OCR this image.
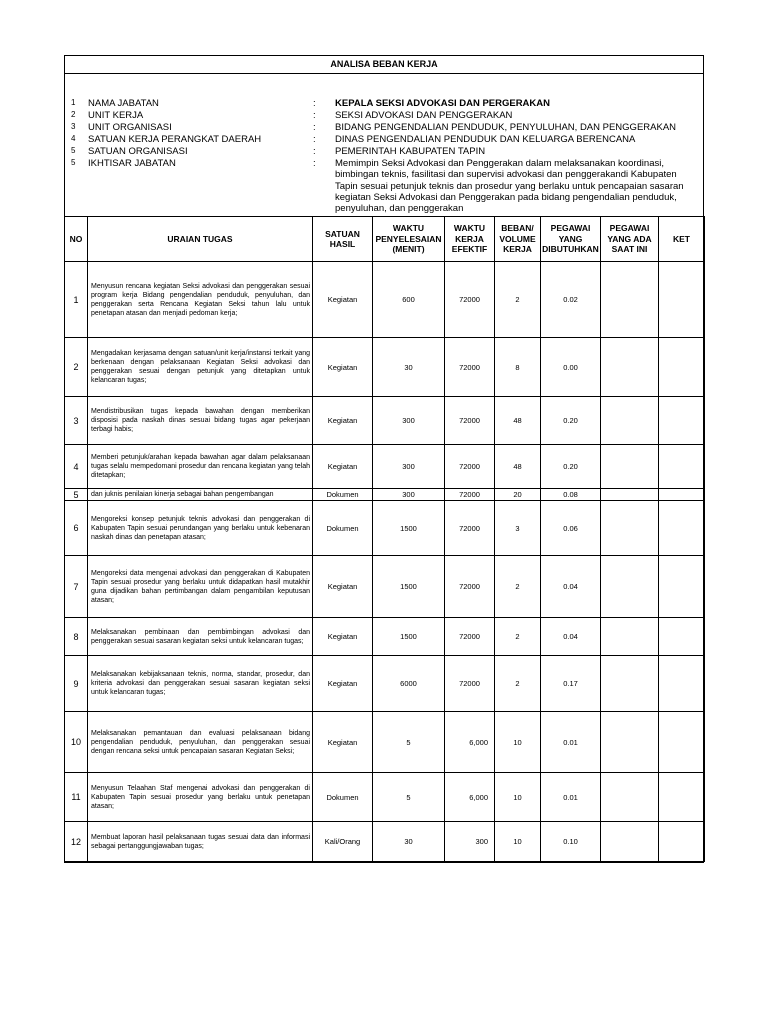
ANALISA BEBAN KERJA
1	NAMA JABATAN	: KEPALA SEKSI ADVOKASI DAN PERGERAKAN
2	UNIT KERJA	: SEKSI ADVOKASI DAN PENGGERAKAN
3	UNIT ORGANISASI	: BIDANG PENGENDALIAN PENDUDUK, PENYULUHAN, DAN PENGGERAKAN
4	SATUAN KERJA PERANGKAT DAERAH	: DINAS PENGENDALIAN PENDUDUK DAN KELUARGA BERENCANA
5	SATUAN ORGANISASI	: PEMERINTAH KABUPATEN TAPIN
5	IKHTISAR JABATAN	: Memimpin Seksi Advokasi dan Penggerakan dalam melaksanakan koordinasi, bimbingan teknis, fasilitasi dan supervisi advokasi dan penggerakandi Kabupaten Tapin sesuai petunjuk teknis dan prosedur yang berlaku untuk pencapaian sasaran kegiatan Seksi Advokasi dan Penggerakan pada bidang pengendalian penduduk, penyuluhan, dan penggerakan
NO	URAIAN TUGAS	SATUAN HASIL	WAKTU PENYELESAIAN (MENIT)	WAKTU KERJA EFEKTIF	BEBAN/ VOLUME KERJA	PEGAWAI YANG DIBUTUHKAN	PEGAWAI YANG ADA SAAT INI	KET
1	Menyusun rencana kegiatan Seksi advokasi dan penggerakan sesuai program kerja Bidang pengendalian penduduk, penyuluhan, dan penggerakan serta Rencana Kegiatan Seksi tahun lalu untuk penetapan atasan dan menjadi pedoman kerja;	Kegiatan	600	72000	2	0.02		
2	Mengadakan kerjasama dengan satuan/unit kerja/instansi terkait yang berkenaan dengan pelaksanaan Kegiatan Seksi advokasi dan penggerakan sesuai dengan petunjuk yang ditetapkan untuk kelancaran tugas;	Kegiatan	30	72000	8	0.00		
3	Mendistribusikan tugas kepada bawahan dengan memberikan disposisi pada naskah dinas sesuai bidang tugas agar pekerjaan terbagi habis;	Kegiatan	300	72000	48	0.20		
4	Memberi petunjuk/arahan kepada bawahan agar dalam pelaksanaan tugas selalu mempedomani prosedur dan rencana kegiatan yang telah ditetapkan;	Kegiatan	300	72000	48	0.20		
5	dan juknis penilaian kinerja sebagai bahan pengembangan	Dokumen	300	72000	20	0.08		
6	Mengoreksi konsep petunjuk teknis advokasi dan penggerakan di Kabupaten Tapin sesuai perundangan yang berlaku untuk kebenaran naskah dinas dan penetapan atasan;	Dokumen	1500	72000	3	0.06		
7	Mengoreksi data mengenai advokasi dan penggerakan di Kabupaten Tapin sesuai prosedur yang berlaku untuk didapatkan hasil mutakhir guna dijadikan bahan pertimbangan dalam pengambilan keputusan atasan;	Kegiatan	1500	72000	2	0.04		
8	Melaksanakan pembinaan dan pembimbingan advokasi dan penggerakan sesuai sasaran kegiatan seksi untuk kelancaran tugas;	Kegiatan	1500	72000	2	0.04		
9	Melaksanakan kebijaksanaan teknis, norma, standar, prosedur, dan kriteria advokasi dan penggerakan sesuai sasaran kegiatan seksi untuk kelancaran tugas;	Kegiatan	6000	72000	2	0.17		
10	Melaksanakan pemantauan dan evaluasi pelaksanaan bidang pengendalian penduduk, penyuluhan, dan penggerakan sesuai dengan rencana seksi untuk pencapaian sasaran Kegiatan Seksi;	Kegiatan	5	6,000	10	0.01		
11	Menyusun Telaahan Staf mengenai advokasi dan penggerakan di Kabupaten Tapin sesuai prosedur yang berlaku untuk penetapan atasan;	Dokumen	5	6,000	10	0.01		
12	Membuat laporan hasil pelaksanaan tugas sesuai data dan informasi sebagai pertanggungjawaban tugas;	Kali/Orang	30	300	10	0.10		
